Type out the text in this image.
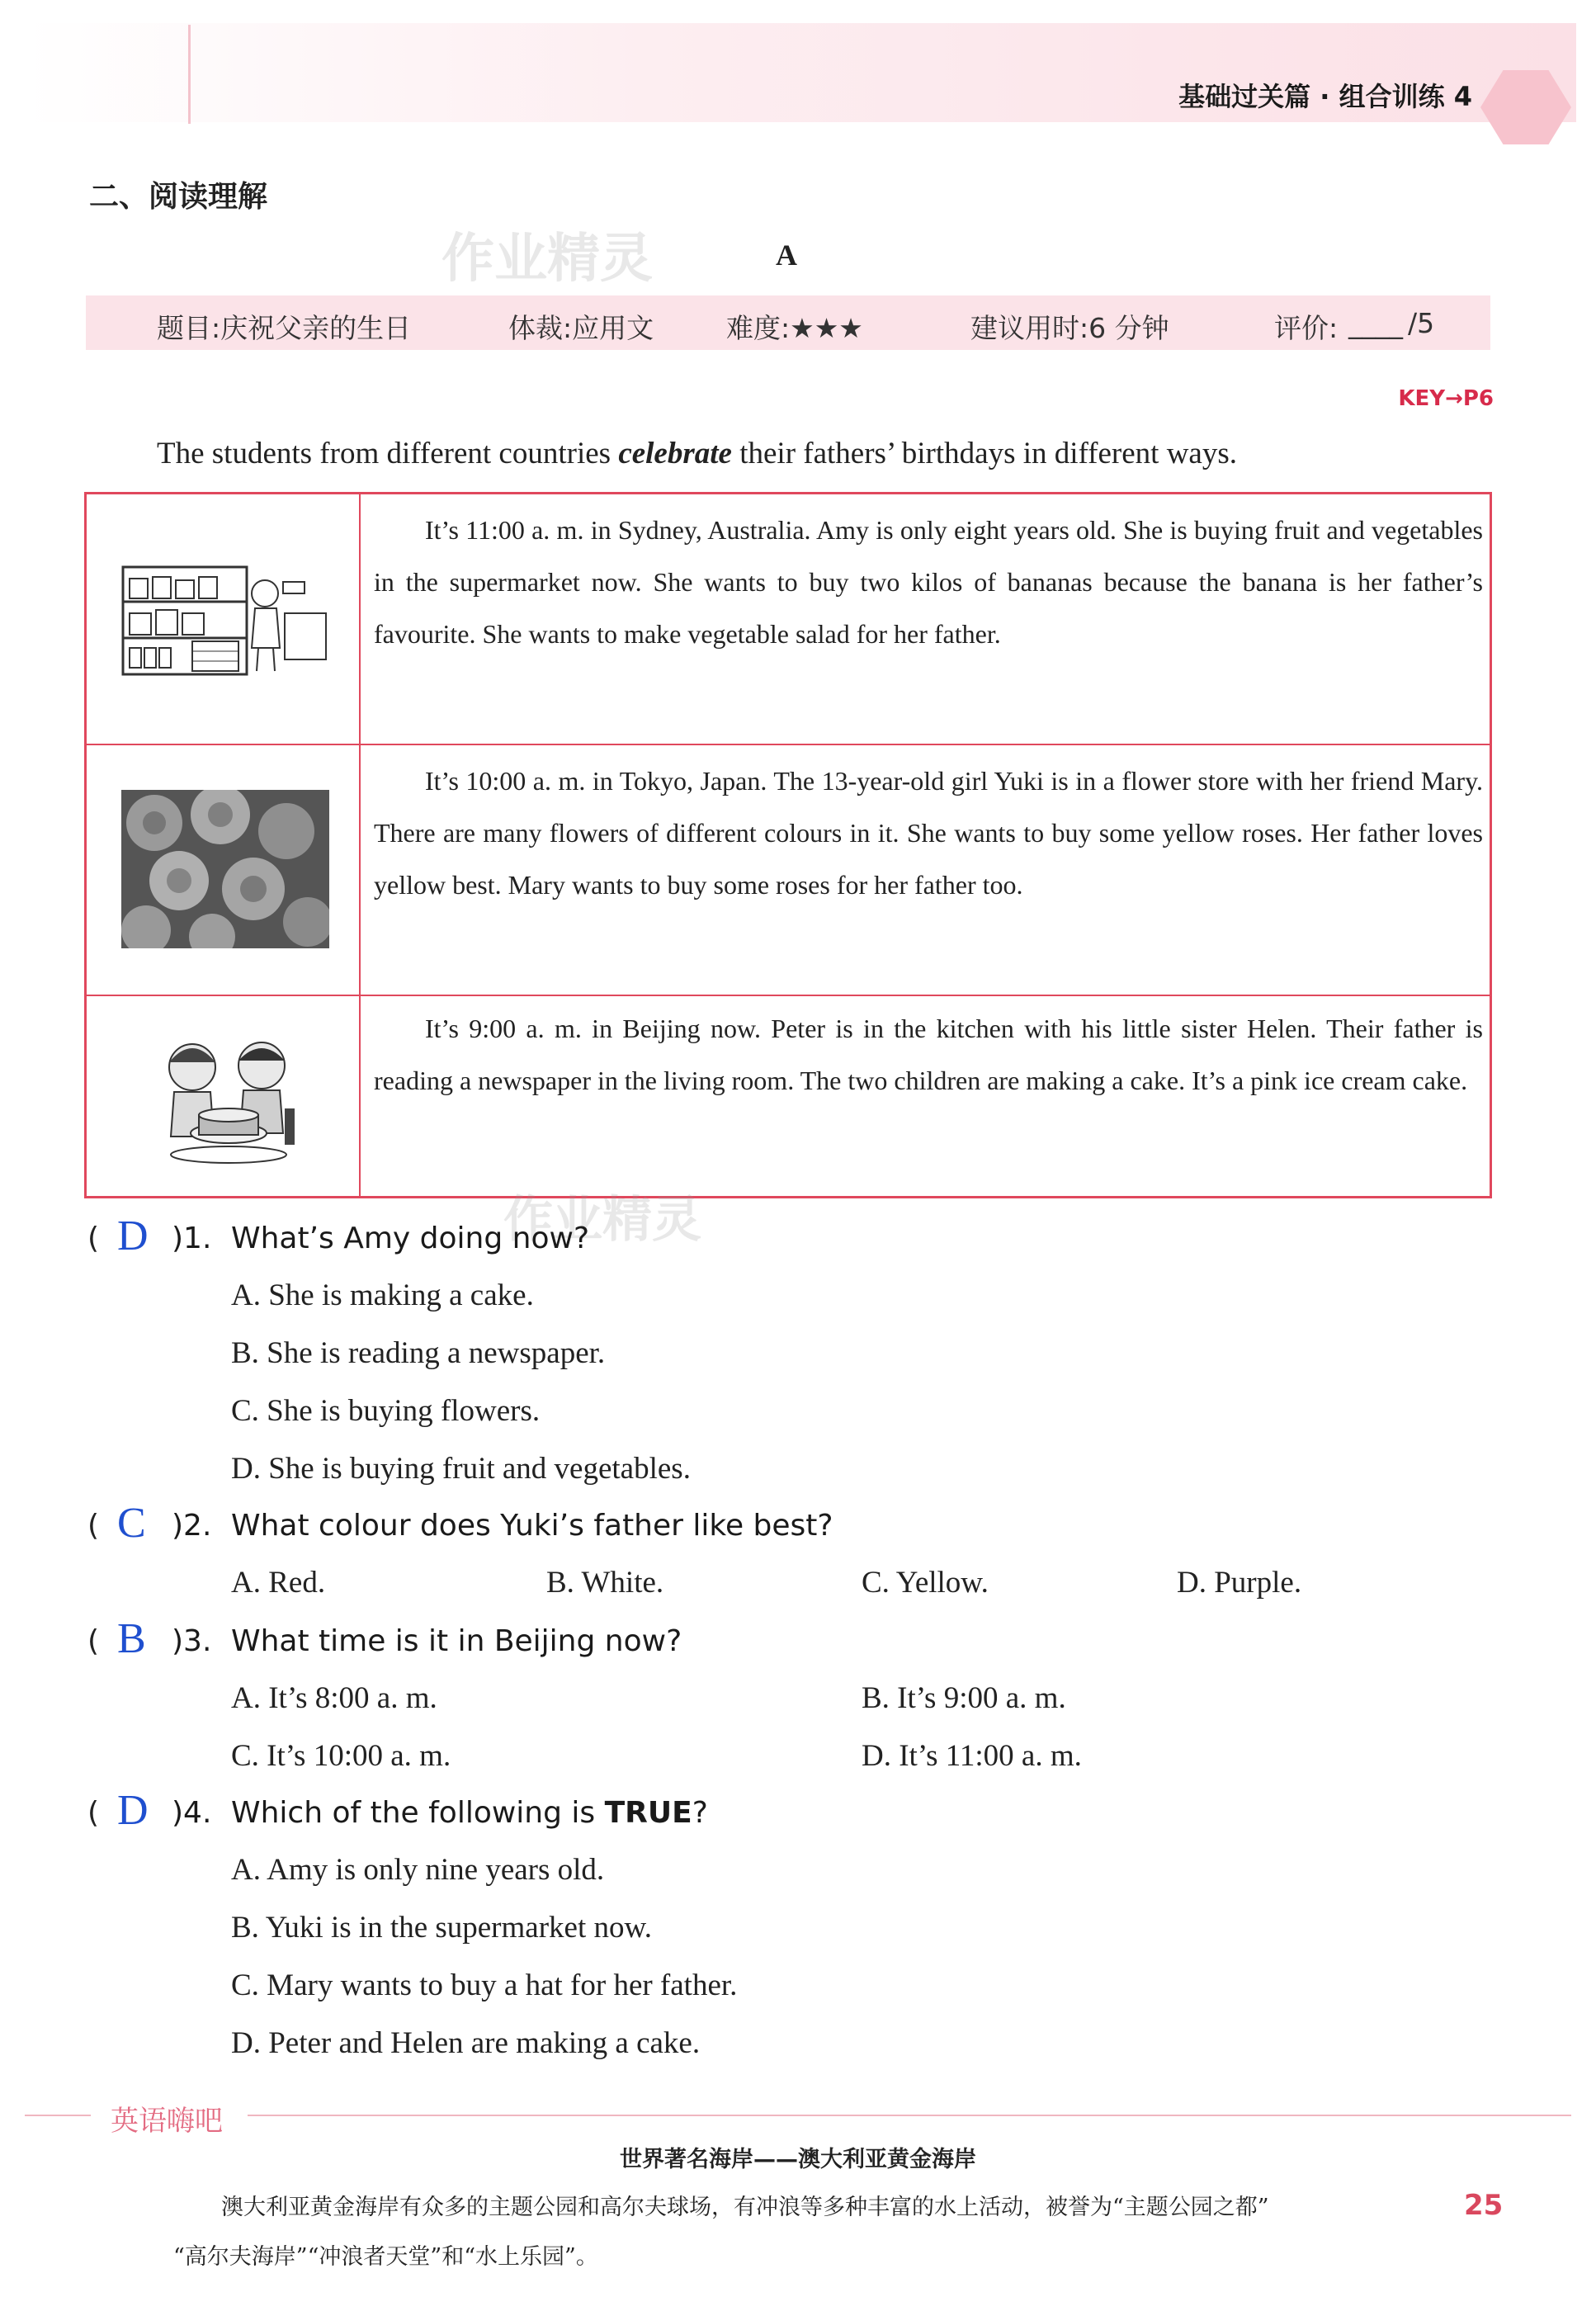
基础过关篇 · 组合训练 4
二、阅读理解
作业精灵	A
题目:庆祝父亲的生日	体裁:应用文	难度:★★★	建议用时:6 分钟	评价: ____ /5
KEY→P6
The students from different countries celebrate their fathers’ birthdays in different ways.
It’s 11:00 a. m. in Sydney, Australia. Amy is only eight years old. She is buying fruit and vegetables in the supermarket now. She wants to buy two kilos of bananas because the banana is her father’s favourite. She wants to make vegetable salad for her father.
It’s 10:00 a. m. in Tokyo, Japan. The 13-year-old girl Yuki is in a flower store with her friend Mary. There are many flowers of different colours in it. She wants to buy some yellow roses. Her father loves yellow best. Mary wants to buy some roses for her father too.
It’s 9:00 a. m. in Beijing now. Peter is in the kitchen with his little sister Helen. Their father is reading a newspaper in the living room. The two children are making a cake. It’s a pink ice cream cake.
作业精灵
( D )1. What’s Amy doing now?
A. She is making a cake.
B. She is reading a newspaper.
C. She is buying flowers.
D. She is buying fruit and vegetables.
( C )2. What colour does Yuki’s father like best?
A. Red.	B. White.	C. Yellow.	D. Purple.
( B )3. What time is it in Beijing now?
A. It’s 8:00 a. m.	B. It’s 9:00 a. m.
C. It’s 10:00 a. m.	D. It’s 11:00 a. m.
( D )4. Which of the following is TRUE?
A. Amy is only nine years old.
B. Yuki is in the supermarket now.
C. Mary wants to buy a hat for her father.
D. Peter and Helen are making a cake.
英语嗨吧
世界著名海岸——澳大利亚黄金海岸
澳大利亚黄金海岸有众多的主题公园和高尔夫球场，有冲浪等多种丰富的水上活动，被誉为“主题公园之都”
“高尔夫海岸”“冲浪者天堂”和“水上乐园”。
25
